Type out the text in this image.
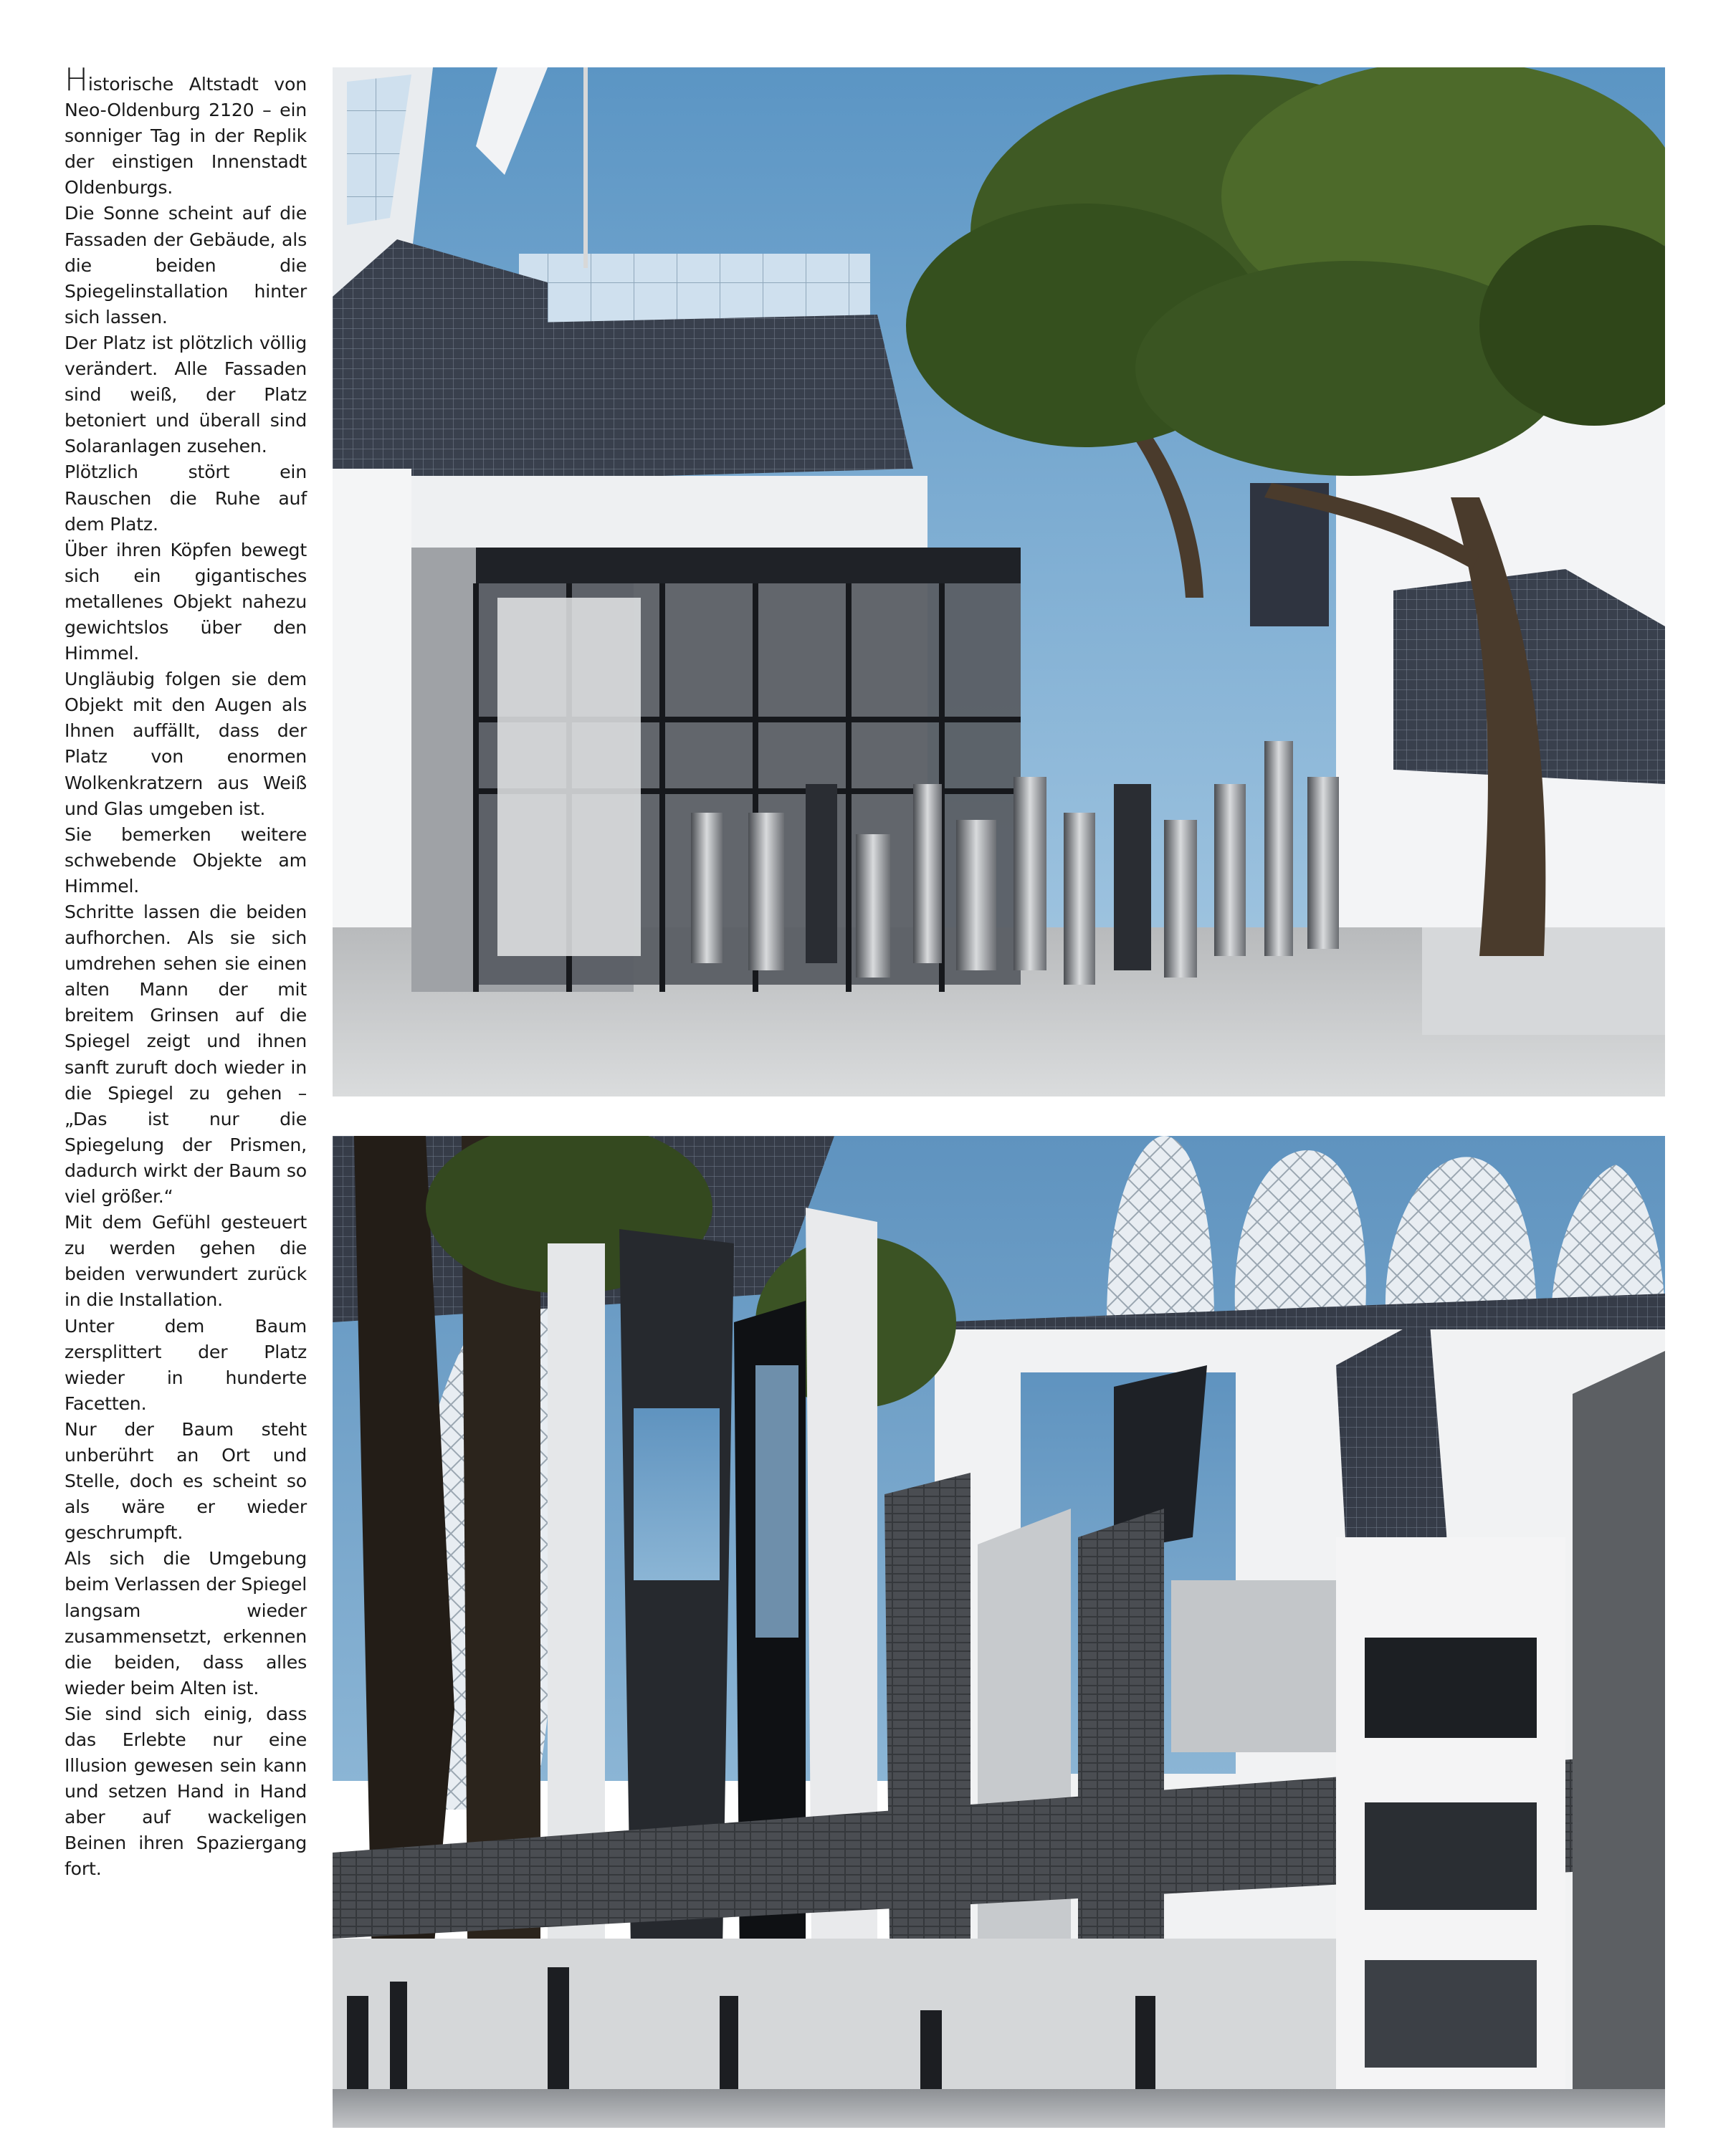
Historische Altstadt von Neo-Oldenburg 2120 – ein sonniger Tag in der Replik der einstigen Innenstadt Oldenburgs.

Die Sonne scheint auf die Fassaden der Gebäude, als die beiden die Spiegelinstallation hinter sich lassen.

Der Platz ist plötzlich völlig verändert. Alle Fassaden sind weiß, der Platz betoniert und überall sind Solaranlagen zusehen.

Plötzlich stört ein Rauschen die Ruhe auf dem Platz.

Über ihren Köpfen bewegt sich ein gigantisches metallenes Objekt nahezu gewichtslos über den Himmel.

Ungläubig folgen sie dem Objekt mit den Augen als Ihnen auffällt, dass der Platz von enormen Wolkenkratzern aus Weiß und Glas umgeben ist.

Sie bemerken weitere schwebende Objekte am Himmel.

Schritte lassen die beiden aufhorchen. Als sie sich umdrehen sehen sie einen alten Mann der mit breitem Grinsen auf die Spiegel zeigt und ihnen sanft zuruft doch wieder in die Spiegel zu gehen –„Das ist nur die Spiegelung der Prismen, dadurch wirkt der Baum so viel größer.“

Mit dem Gefühl gesteuert zu werden gehen die beiden verwundert zurück in die Installation.

Unter dem Baum zersplittert der Platz wieder in hunderte Facetten.

Nur der Baum steht unberührt an Ort und Stelle, doch es scheint so als wäre er wieder geschrumpft.

Als sich die Umgebung beim Verlassen der Spiegel langsam wieder zusammensetzt, erkennen die beiden, dass alles wieder beim Alten ist.

Sie sind sich einig, dass das Erlebte nur eine Illusion gewesen sein kann und setzen Hand in Hand aber auf wackeligen Beinen ihren Spaziergang fort.
